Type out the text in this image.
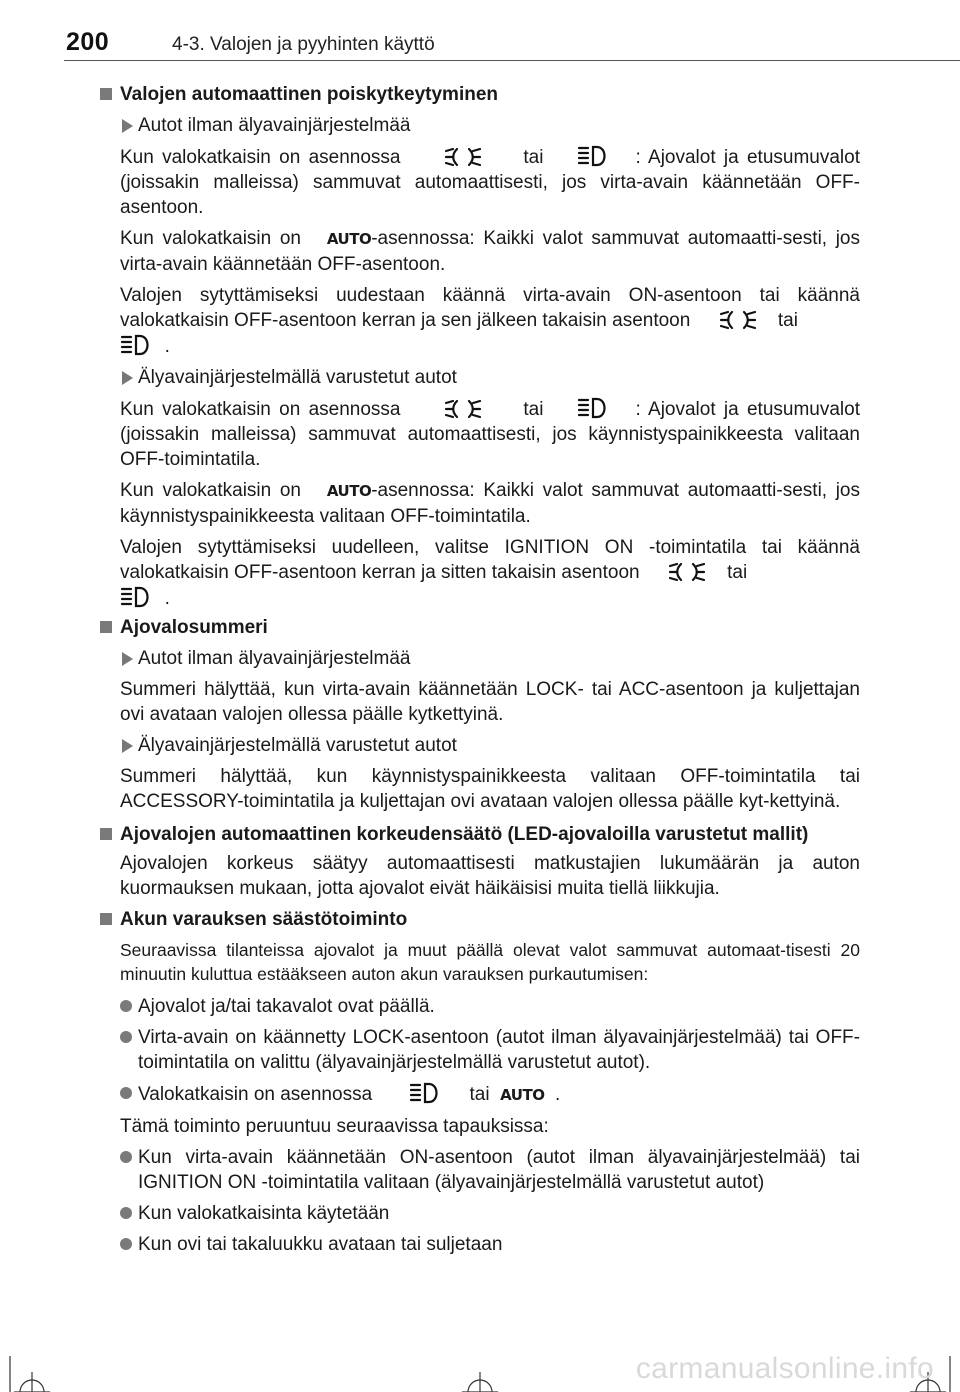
200	4-3. Valojen ja pyyhinten käyttö
Valojen automaattinen poiskytkeytyminen
Autot ilman älyavainjärjestelmää

Kun valokatkaisin on asennossa	tai	: Ajovalot ja etusumuvalot (joissakin malleissa) sammuvat automaattisesti, jos virta-avain käännetään OFF-asentoon.

Kun valokatkaisin on AUTO-asennossa: Kaikki valot sammuvat automaatti-sesti, jos virta-avain käännetään OFF-asentoon.

Valojen sytyttämiseksi uudestaan käännä virta-avain ON-asentoon tai käännä valokatkaisin OFF-asentoon kerran ja sen jälkeen takaisin asentoon	tai
.

Älyavainjärjestelmällä varustetut autot

Kun valokatkaisin on asennossa	tai	: Ajovalot ja etusumuvalot (joissakin malleissa) sammuvat automaattisesti, jos käynnistyspainikkeesta valitaan OFF-toimintatila.

Kun valokatkaisin on AUTO-asennossa: Kaikki valot sammuvat automaatti-sesti, jos käynnistyspainikkeesta valitaan OFF-toimintatila.

Valojen sytyttämiseksi uudelleen, valitse IGNITION ON -toimintatila tai käännä valokatkaisin OFF-asentoon kerran ja sitten takaisin asentoon	tai
.

Ajovalosummeri
Autot ilman älyavainjärjestelmää

Summeri hälyttää, kun virta-avain käännetään LOCK- tai ACC-asentoon ja kuljettajan ovi avataan valojen ollessa päälle kytkettyinä.

Älyavainjärjestelmällä varustetut autot

Summeri hälyttää, kun käynnistyspainikkeesta valitaan OFF-toimintatila tai ACCESSORY-toimintatila ja kuljettajan ovi avataan valojen ollessa päälle kyt-kettyinä.

Ajovalojen automaattinen korkeudensäätö (LED-ajovaloilla varustetut mallit)

Ajovalojen korkeus säätyy automaattisesti matkustajien lukumäärän ja auton kuormauksen mukaan, jotta ajovalot eivät häikäisisi muita tiellä liikkujia.

Akun varauksen säästötoiminto

Seuraavissa tilanteissa ajovalot ja muut päällä olevat valot sammuvat automaat-tisesti 20 minuutin kuluttua estääkseen auton akun varauksen purkautumisen:

Ajovalot ja/tai takavalot ovat päällä.
Virta-avain on käännetty LOCK-asentoon (autot ilman älyavainjärjestelmää) tai OFF-toimintatila on valittu (älyavainjärjestelmällä varustetut autot).
Valokatkaisin on asennossa	tai AUTO .

Tämä toiminto peruuntuu seuraavissa tapauksissa:

Kun virta-avain käännetään ON-asentoon (autot ilman älyavainjärjestelmää) tai IGNITION ON -toimintatila valitaan (älyavainjärjestelmällä varustetut autot)
Kun valokatkaisinta käytetään
Kun ovi tai takaluukku avataan tai suljetaan
carmanualsonline.info
